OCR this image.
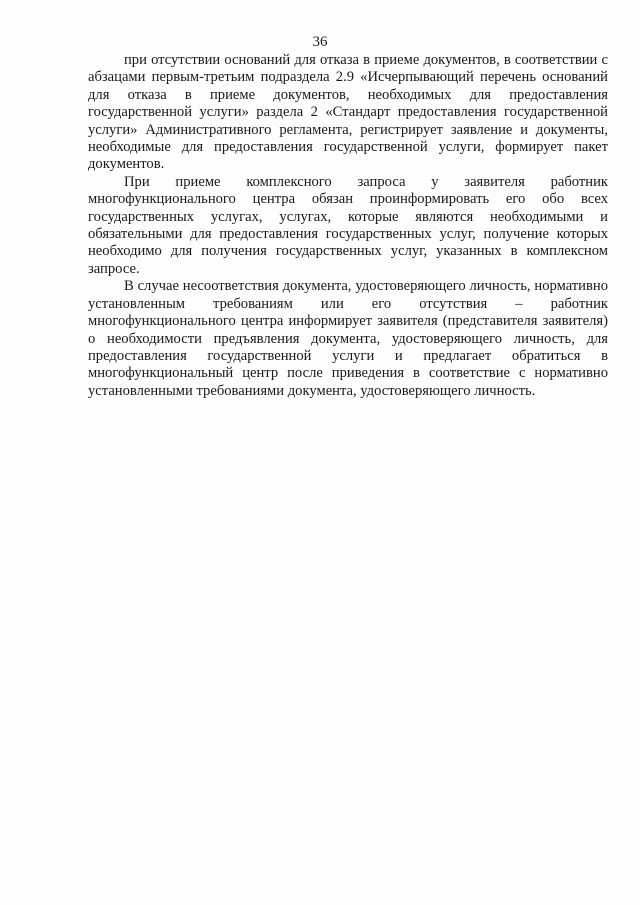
36

при отсутствии оснований для отказа в приеме документов, в соответствии с абзацами первым-третьим подраздела 2.9 «Исчерпывающий перечень оснований для отказа в приеме документов, необходимых для предоставления государственной услуги» раздела 2 «Стандарт предоставления государственной услуги» Административного регламента, регистрирует заявление и документы, необходимые для предоставления государственной услуги, формирует пакет документов.

При приеме комплексного запроса у заявителя работник многофункционального центра обязан проинформировать его обо всех государственных услугах, услугах, которые являются необходимыми и обязательными для предоставления государственных услуг, получение которых необходимо для получения государственных услуг, указанных в комплексном запросе.

В случае несоответствия документа, удостоверяющего личность, нормативно установленным требованиям или его отсутствия – работник многофункционального центра информирует заявителя (представителя заявителя) о необходимости предъявления документа, удостоверяющего личность, для предоставления государственной услуги и предлагает обратиться в многофункциональный центр после приведения в соответствие с нормативно установленными требованиями документа, удостоверяющего личность.
